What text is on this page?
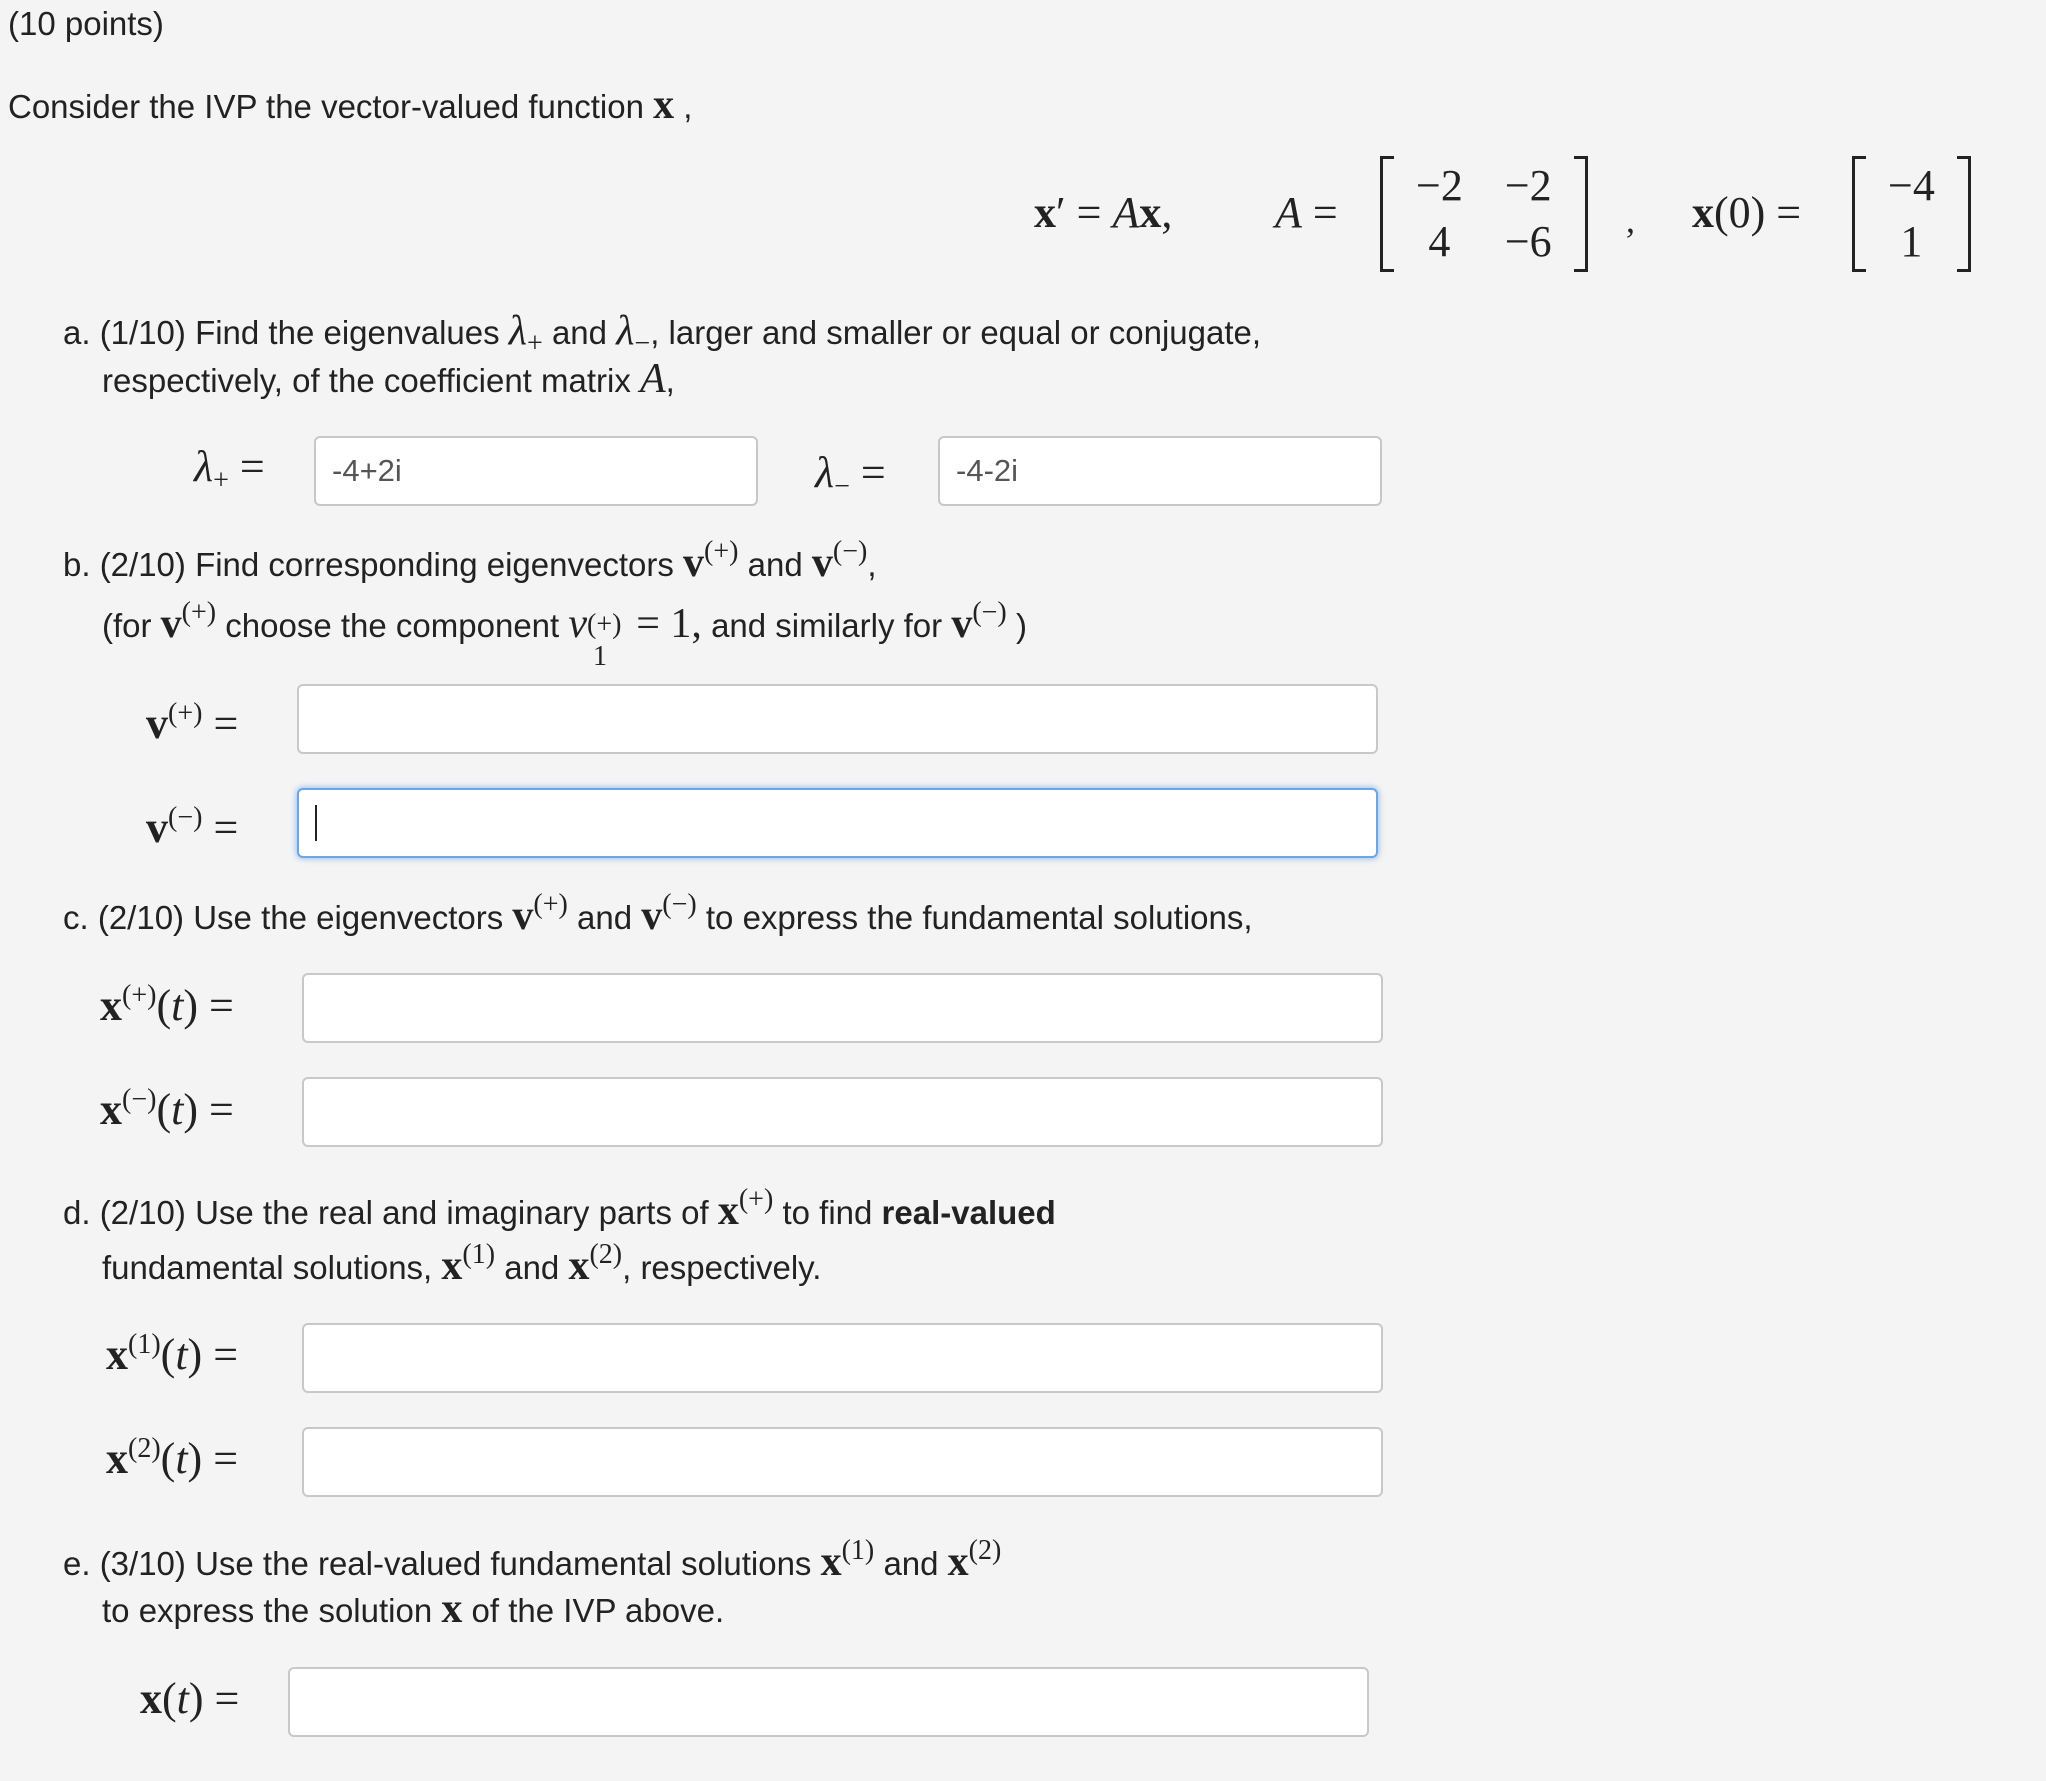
(10 points)
Consider the IVP the vector-valued function x ,
x′ = Ax, A =
−2 −2
4 −6 , x(0) =
−4
1
a. (1/10) Find the eigenvalues $\lambda_+$ and $\lambda_-$, larger and smaller or equal or conjugate,
respectively, of the coefficient matrix A,
$\lambda_+$ =
-4+2i	$\lambda_-$ =
-4-2i
b. (2/10) Find corresponding eigenvectors v(+) and v(−),
(for v(+) choose the component v (+)
1
= 1, and similarly for v(−) )
v(+) =
v(−) =
c. (2/10) Use the eigenvectors v(+) and v(−) to express the fundamental solutions,
x(+)(t) =
x(−)(t) =
d. (2/10) Use the real and imaginary parts of x(+) to find real-valued
fundamental solutions, $x^{(1)}$ and $x^{(2)}$, respectively.
$x^{(1)}(t)$ =
$x^{(2)}(t)$ =
e. (3/10) Use the real-valued fundamental solutions $x^{(1)}$ and $x^{(2)}$
to express the solution x of the IVP above.
x(t) =
